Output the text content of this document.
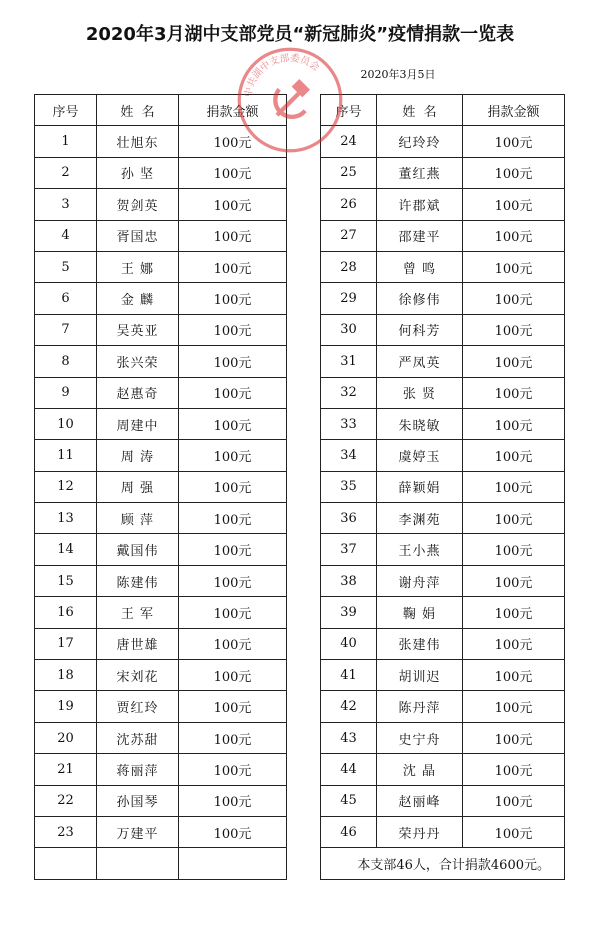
2020年3月湖中支部党员“新冠肺炎”疫情捐款一览表
2020年3月5日
序号	姓  名	捐款金额
1	壮旭东	100元
2	孙 坚	100元
3	贺剑英	100元
4	胥国忠	100元
5	王 娜	100元
6	金 麟	100元
7	吴英亚	100元
8	张兴荣	100元
9	赵惠奇	100元
10	周建中	100元
11	周 涛	100元
12	周 强	100元
13	顾 萍	100元
14	戴国伟	100元
15	陈建伟	100元
16	王 军	100元
17	唐世雄	100元
18	宋刘花	100元
19	贾红玲	100元
20	沈苏甜	100元
21	蒋丽萍	100元
22	孙国琴	100元
23	万建平	100元

序号	姓  名	捐款金额
24	纪玲玲	100元
25	董红燕	100元
26	许郡斌	100元
27	邵建平	100元
28	曾 鸣	100元
29	徐修伟	100元
30	何科芳	100元
31	严凤英	100元
32	张 贤	100元
33	朱晓敏	100元
34	虞婷玉	100元
35	薛颖娟	100元
36	李渊苑	100元
37	王小燕	100元
38	谢舟萍	100元
39	鞠 娟	100元
40	张建伟	100元
41	胡训迟	100元
42	陈丹萍	100元
43	史宁舟	100元
44	沈 晶	100元
45	赵丽峰	100元
46	荣丹丹	100元
本支部46人，合计捐款4600元。		
中共湖中支部委员会
